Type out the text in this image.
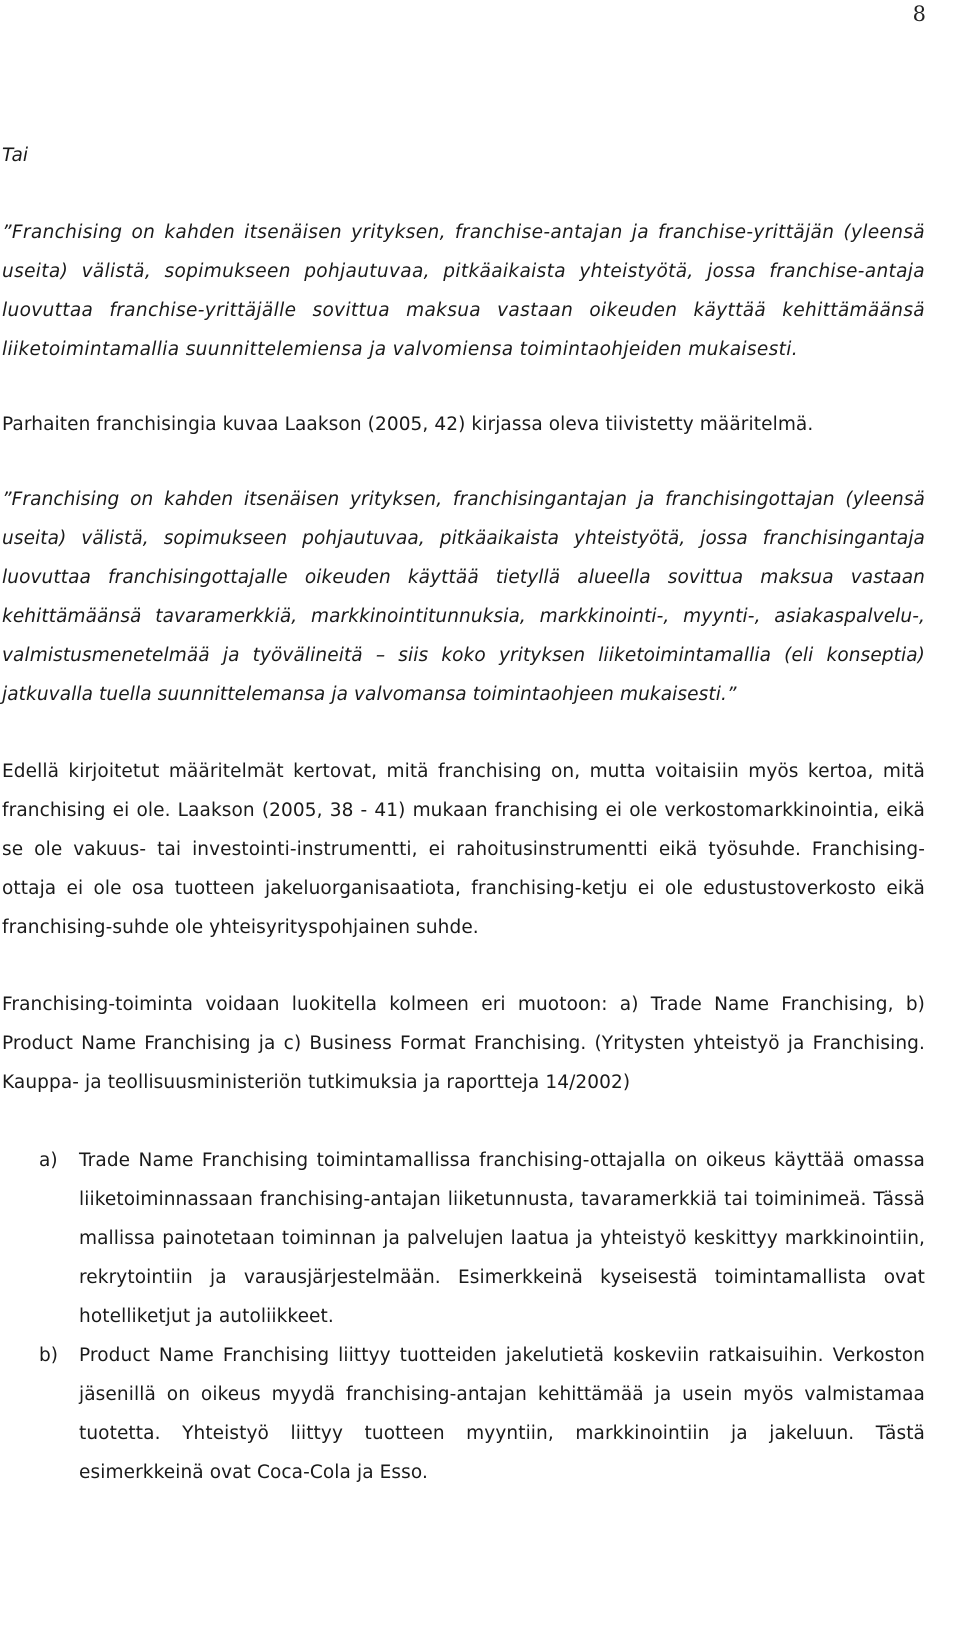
8

Tai

”Franchising on kahden itsenäisen yrityksen, franchise-antajan ja franchise-yrittäjän (yleensä useita) välistä, sopimukseen pohjautuvaa, pitkäaikaista yhteistyötä, jossa franchise-antaja luovuttaa franchise-yrittäjälle sovittua maksua vastaan oikeuden käyttää kehittämäänsä liiketoimintamallia suunnittelemiensa ja valvomiensa toimintaohjeiden mukaisesti.

Parhaiten franchisingia kuvaa Laakson (2005, 42) kirjassa oleva tiivistetty määritelmä.

”Franchising on kahden itsenäisen yrityksen, franchisingantajan ja franchisingottajan (yleensä useita) välistä, sopimukseen pohjautuvaa, pitkäaikaista yhteistyötä, jossa franchisingantaja luovuttaa franchisingottajalle oikeuden käyttää tietyllä alueella sovittua maksua vastaan kehittämäänsä tavaramerkkiä, markkinointitunnuksia, markkinointi-, myynti-, asiakaspalvelu-, valmistusmenetelmää ja työvälineitä – siis koko yrityksen liiketoimintamallia (eli konseptia) jatkuvalla tuella suunnittelemansa ja valvomansa toimintaohjeen mukaisesti.”

Edellä kirjoitetut määritelmät kertovat, mitä franchising on, mutta voitaisiin myös kertoa, mitä franchising ei ole. Laakson (2005, 38 - 41) mukaan franchising ei ole verkostomarkkinointia, eikä se ole vakuus- tai investointi-instrumentti, ei rahoitusinstrumentti eikä työsuhde. Franchising-ottaja ei ole osa tuotteen jakeluorganisaatiota, franchising-ketju ei ole edustustoverkosto eikä franchising-suhde ole yhteisyrityspohjainen suhde.

Franchising-toiminta voidaan luokitella kolmeen eri muotoon: a) Trade Name Franchising, b) Product Name Franchising ja c) Business Format Franchising. (Yritysten yhteistyö ja Franchising. Kauppa- ja teollisuusministeriön tutkimuksia ja raportteja 14/2002)

a) Trade Name Franchising toimintamallissa franchising-ottajalla on oikeus käyttää omassa liiketoiminnassaan franchising-antajan liiketunnusta, tavaramerkkiä tai toiminimeä. Tässä mallissa painotetaan toiminnan ja palvelujen laatua ja yhteistyö keskittyy markkinointiin, rekrytointiin ja varausjärjestelmään. Esimerkkeinä kyseisestä toimintamallista ovat hotelliketjut ja autoliikkeet.

b) Product Name Franchising liittyy tuotteiden jakelutietä koskeviin ratkaisuihin. Verkoston jäsenillä on oikeus myydä franchising-antajan kehittämää ja usein myös valmistamaa tuotetta. Yhteistyö liittyy tuotteen myyntiin, markkinointiin ja jakeluun. Tästä esimerkkeinä ovat Coca-Cola ja Esso.
